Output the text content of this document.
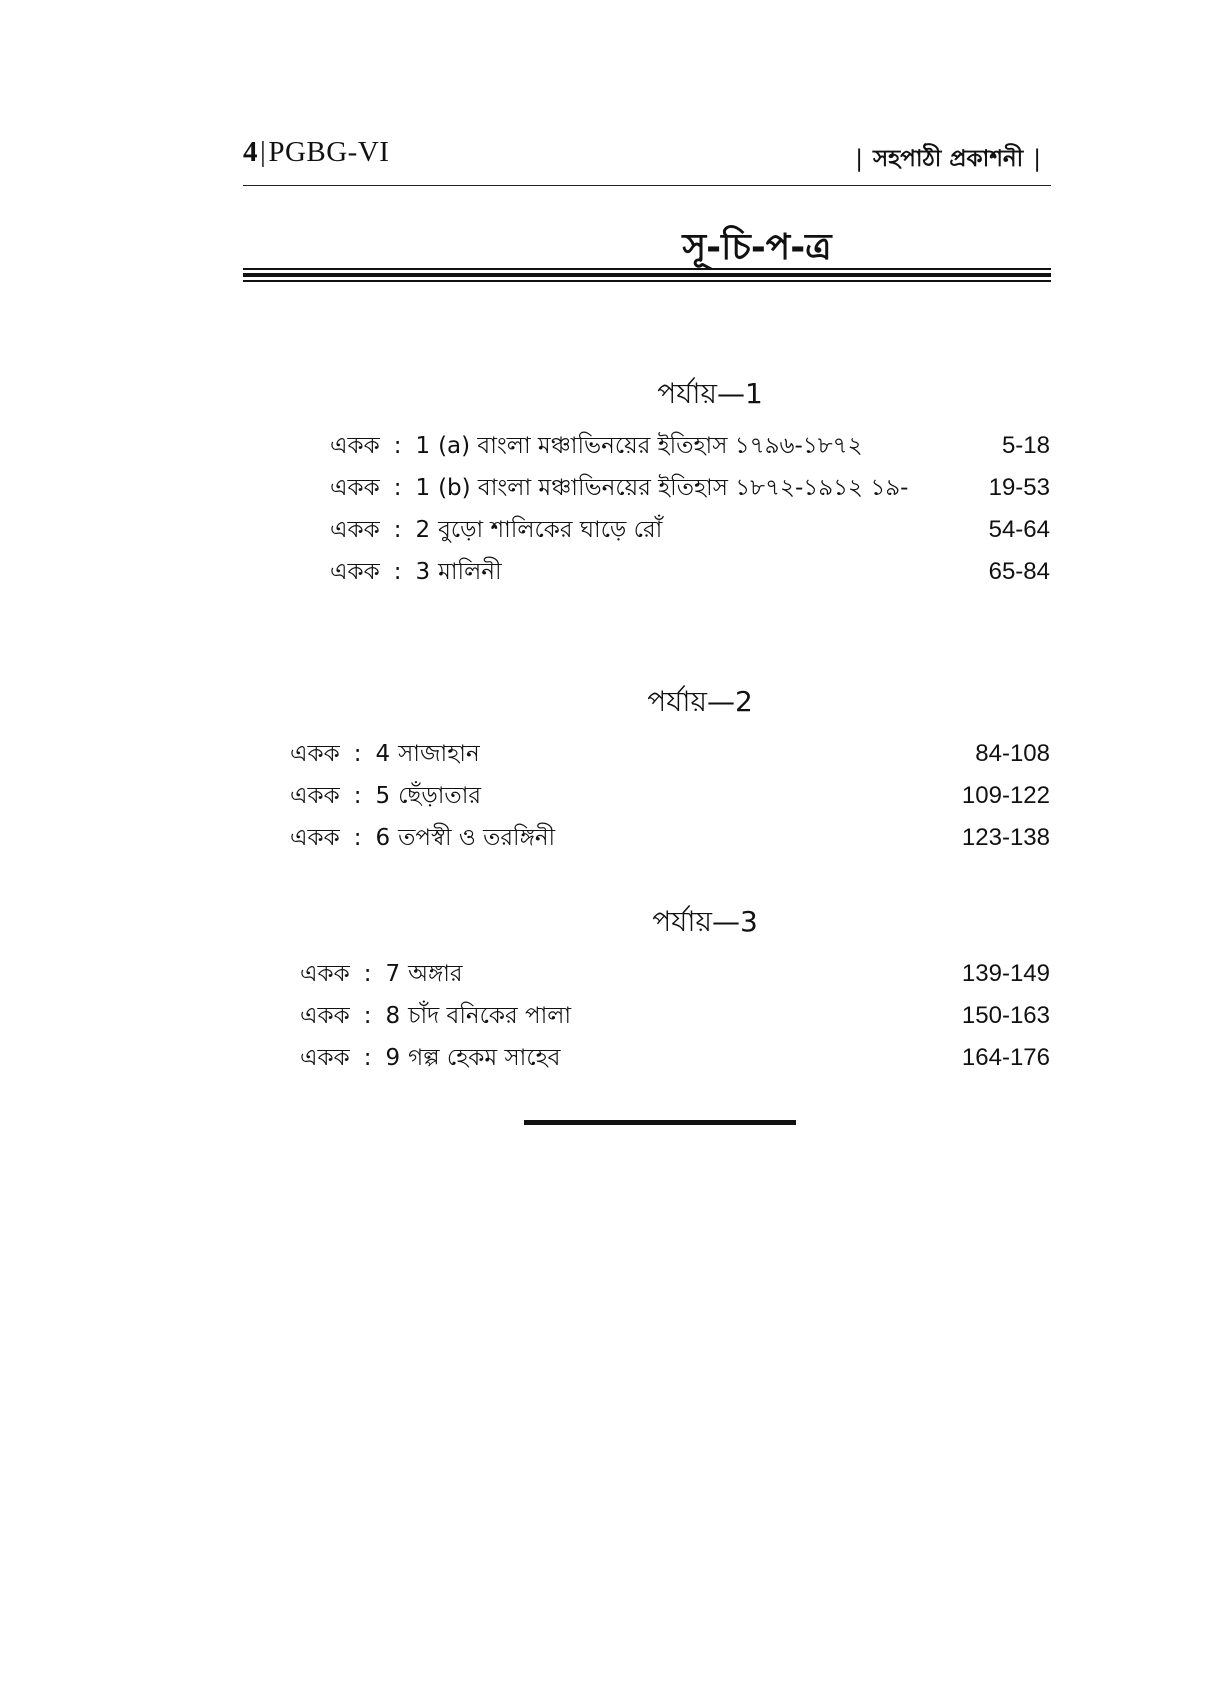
4|PGBG-VI	| সহপাঠী প্রকাশনী |
সূ-চি-প-ত্র
পর্যায়—1
একক : 1 (a) বাংলা মঞ্চাভিনয়ের ইতিহাস ১৭৯৬-১৮৭২	5-18
একক : 1 (b) বাংলা মঞ্চাভিনয়ের ইতিহাস ১৮৭২-১৯১২ ১৯-	19-53
একক : 2 বুড়ো শালিকের ঘাড়ে রোঁ	54-64
একক : 3 মালিনী	65-84
পর্যায়—2
একক : 4 সাজাহান	84-108
একক : 5 ছেঁড়াতার	109-122
একক : 6 তপস্বী ও তরঙ্গিনী	123-138
পর্যায়—3
একক : 7 অঙ্গার	139-149
একক : 8 চাঁদ বনিকের পালা	150-163
একক : 9 গল্প হেকম সাহেব	164-176
